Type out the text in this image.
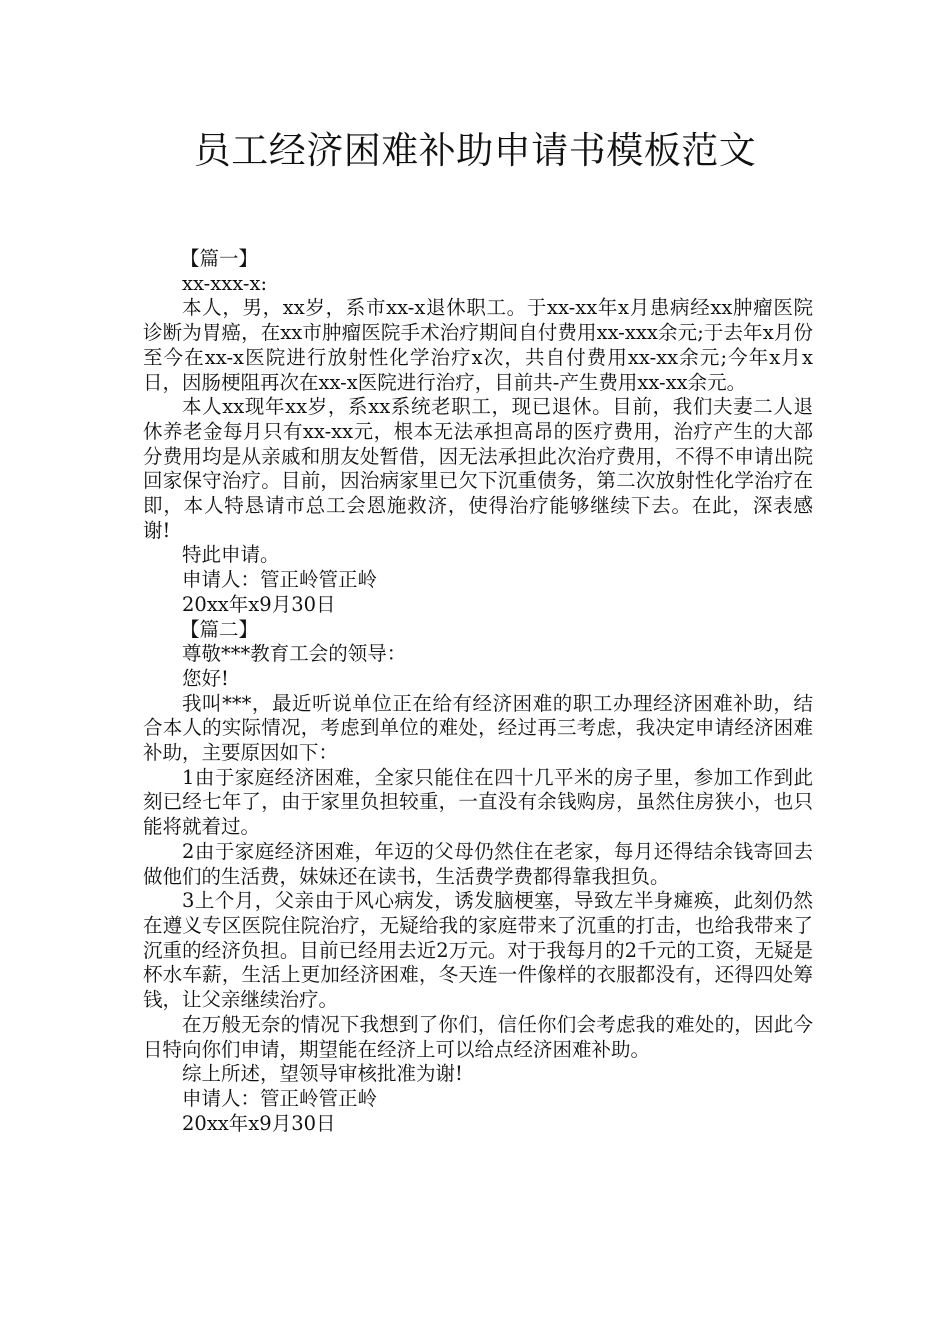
员工经济困难补助申请书模板范文

【篇一】

xx-xxx-x:

本人，男，xx岁，系市xx-x退休职工。于xx-xx年x月患病经xx肿瘤医院诊断为胃癌，在xx市肿瘤医院手术治疗期间自付费用xx-xxx余元;于去年x月份至今在xx-x医院进行放射性化学治疗x次，共自付费用xx-xx余元;今年x月x日，因肠梗阻再次在xx-x医院进行治疗，目前共-产生费用xx-xx余元。

本人xx现年xx岁，系xx系统老职工，现已退休。目前，我们夫妻二人退休养老金每月只有xx-xx元，根本无法承担高昂的医疗费用，治疗产生的大部分费用均是从亲戚和朋友处暂借，因无法承担此次治疗费用，不得不申请出院回家保守治疗。目前，因治病家里已欠下沉重债务，第二次放射性化学治疗在即，本人特恳请市总工会恩施救济，使得治疗能够继续下去。在此，深表感谢!

特此申请。

申请人：管正岭管正岭

20xx年x9月30日

【篇二】

尊敬***教育工会的领导：

您好!

我叫***，最近听说单位正在给有经济困难的职工办理经济困难补助，结合本人的实际情况，考虑到单位的难处，经过再三考虑，我决定申请经济困难补助，主要原因如下：

1由于家庭经济困难，全家只能住在四十几平米的房子里，参加工作到此刻已经七年了，由于家里负担较重，一直没有余钱购房，虽然住房狭小，也只能将就着过。

2由于家庭经济困难，年迈的父母仍然住在老家，每月还得结余钱寄回去做他们的生活费，妹妹还在读书，生活费学费都得靠我担负。

3上个月，父亲由于风心病发，诱发脑梗塞，导致左半身瘫痪，此刻仍然在遵义专区医院住院治疗，无疑给我的家庭带来了沉重的打击，也给我带来了沉重的经济负担。目前已经用去近2万元。对于我每月的2千元的工资，无疑是杯水车薪，生活上更加经济困难，冬天连一件像样的衣服都没有，还得四处筹钱，让父亲继续治疗。

在万般无奈的情况下我想到了你们，信任你们会考虑我的难处的，因此今日特向你们申请，期望能在经济上可以给点经济困难补助。

综上所述，望领导审核批准为谢!

申请人：管正岭管正岭

20xx年x9月30日
